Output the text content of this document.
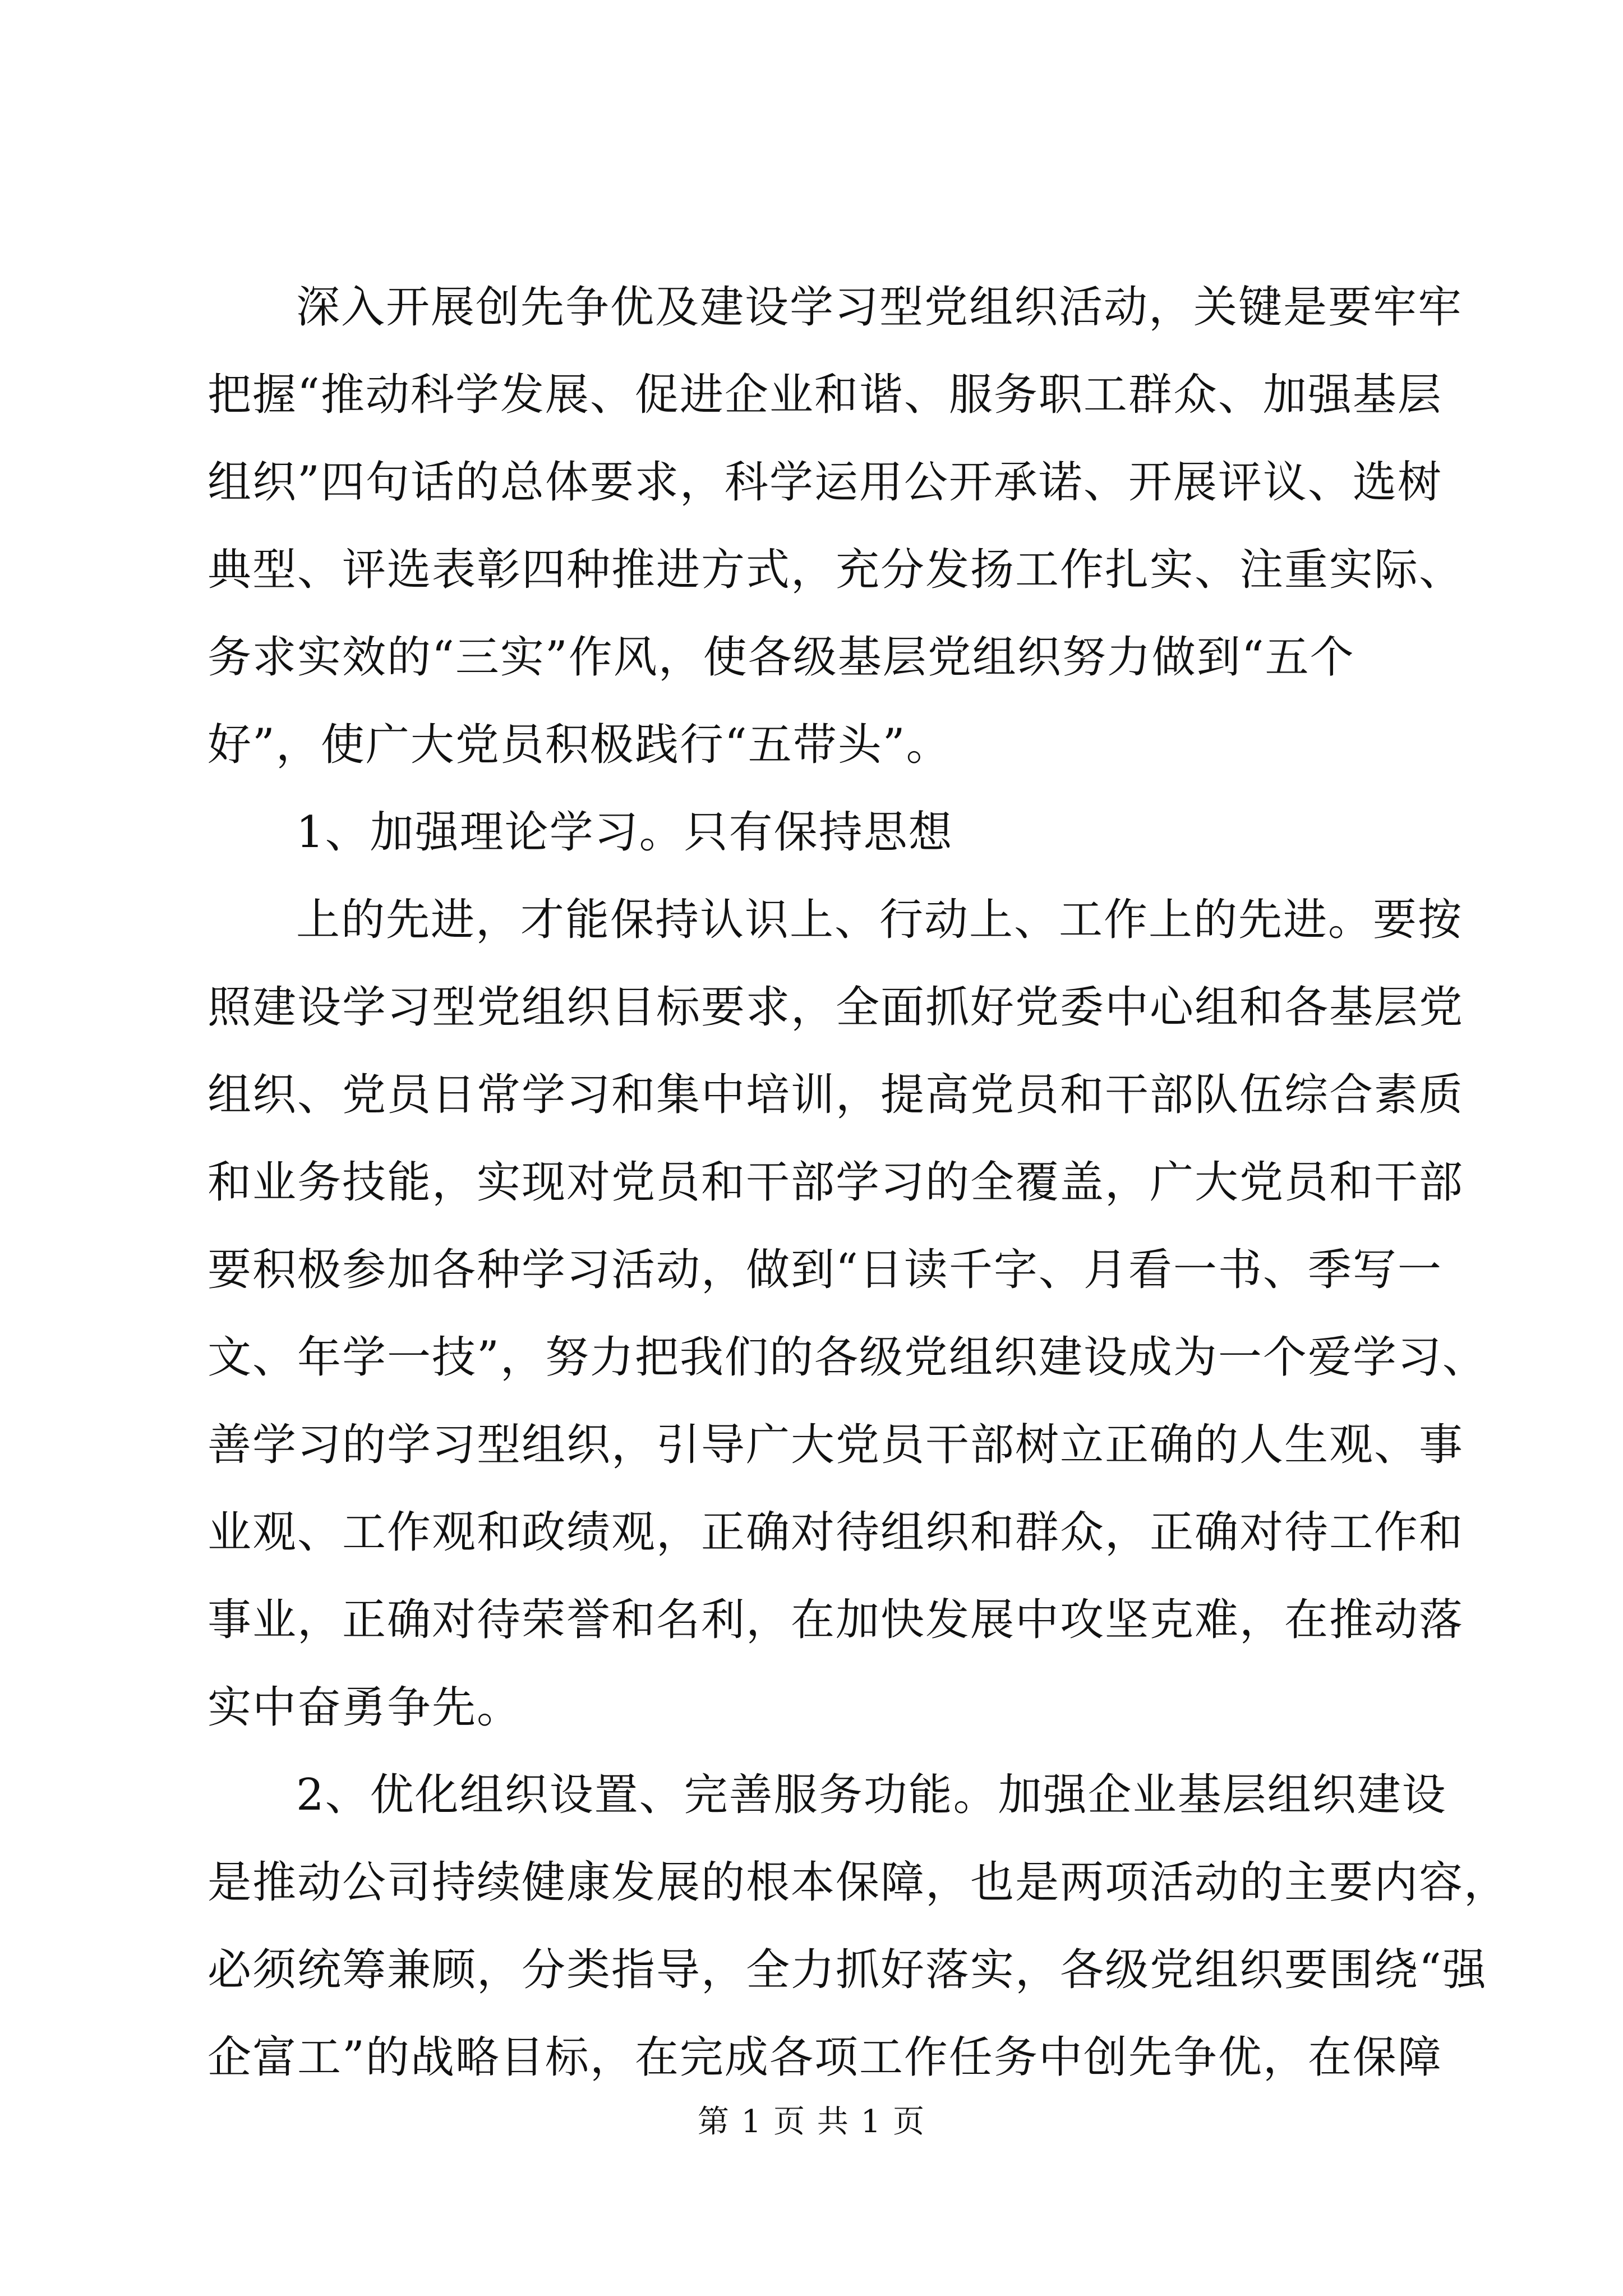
深入开展创先争优及建设学习型党组织活动，关键是要牢牢
把握“推动科学发展、促进企业和谐、服务职工群众、加强基层
组织”四句话的总体要求，科学运用公开承诺、开展评议、选树
典型、评选表彰四种推进方式，充分发扬工作扎实、注重实际、
务求实效的“三实”作风，使各级基层党组织努力做到“五个
好”，使广大党员积极践行“五带头”。
1、加强理论学习。只有保持思想
上的先进，才能保持认识上、行动上、工作上的先进。要按
照建设学习型党组织目标要求，全面抓好党委中心组和各基层党
组织、党员日常学习和集中培训，提高党员和干部队伍综合素质
和业务技能，实现对党员和干部学习的全覆盖，广大党员和干部
要积极参加各种学习活动，做到“日读千字、月看一书、季写一
文、年学一技”，努力把我们的各级党组织建设成为一个爱学习、
善学习的学习型组织，引导广大党员干部树立正确的人生观、事
业观、工作观和政绩观，正确对待组织和群众，正确对待工作和
事业，正确对待荣誉和名利，在加快发展中攻坚克难，在推动落
实中奋勇争先。
2、优化组织设置、完善服务功能。加强企业基层组织建设
是推动公司持续健康发展的根本保障，也是两项活动的主要内容，
必须统筹兼顾，分类指导，全力抓好落实，各级党组织要围绕“强
企富工”的战略目标，在完成各项工作任务中创先争优，在保障
第 1 页 共 1 页
